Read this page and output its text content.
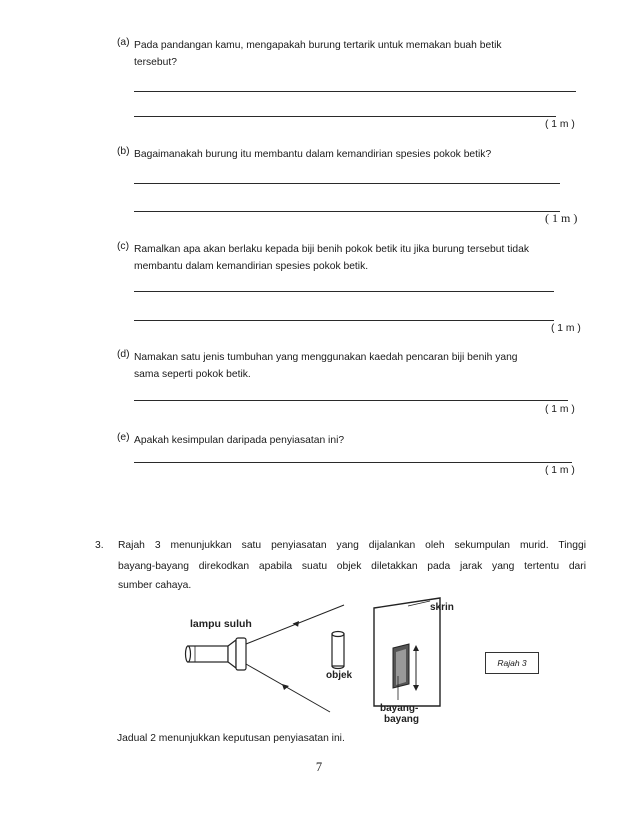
(a) Pada pandangan kamu, mengapakah burung tertarik untuk memakan buah betik
tersebut?
( 1 m )
(b) Bagaimanakah burung itu membantu dalam kemandirian spesies pokok betik?
( 1 m )
(c) Ramalkan apa akan berlaku kepada biji benih pokok betik itu jika burung tersebut tidak
membantu dalam kemandirian spesies pokok betik.
( 1 m )
(d) Namakan satu jenis tumbuhan yang menggunakan kaedah pencaran biji benih yang
sama seperti pokok betik.
( 1 m )
(e) Apakah kesimpulan daripada penyiasatan ini?
( 1 m )
3. Rajah 3 menunjukkan satu penyiasatan yang dijalankan oleh sekumpulan murid. Tinggi
bayang-bayang direkodkan apabila suatu objek diletakkan pada jarak yang tertentu dari
sumber cahaya.
lampu suluh
objek
skrin
bayang-
bayang
Rajah 3
Jadual 2 menunjukkan keputusan penyiasatan ini.
7
